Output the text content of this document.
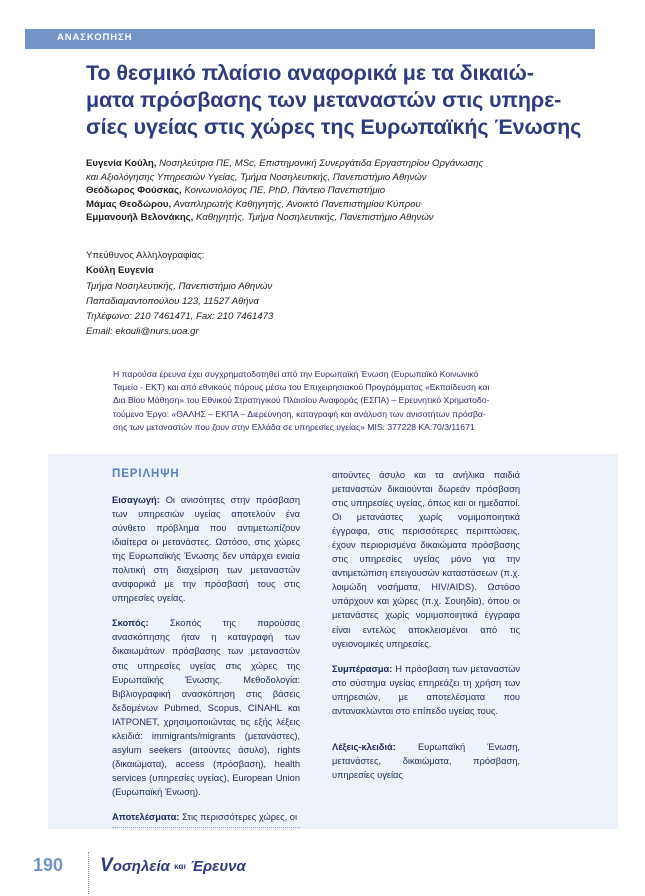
ΑΝΑΣΚΟΠΗΣΗ
Το θεσμικό πλαίσιο αναφορικά με τα δικαιώ-
ματα πρόσβασης των μεταναστών στις υπηρε-
σίες υγείας στις χώρες της Ευρωπαϊκής Ένωσης
Ευγενία Κούλη, Νοσηλεύτρια ΠΕ, MSc, Επιστημονική Συνεργάτιδα Εργαστηρίου Οργάνωσης
και Αξιολόγησης Υπηρεσιών Υγείας, Τμήμα Νοσηλευτικής, Πανεπιστήμιο Αθηνών
Θεόδωρος Φούσκας, Κοινωνιολόγος ΠΕ, PhD, Πάντειο Πανεπιστήμιο
Μάμας Θεοδώρου, Αναπληρωτής Καθηγητής, Ανοικτό Πανεπιστημίου Κύπρου
Εμμανουήλ Βελονάκης, Καθηγητής, Τμήμα Νοσηλευτικής, Πανεπιστήμιο Αθηνών
Υπεύθυνος Αλληλογραφίας:
Κούλη Ευγενία
Τμήμα Νοσηλευτικής, Πανεπιστήμιο Αθηνών
Παπαδιαμαντοπούλου 123, 11527 Αθήνα
Τηλέφωνο: 210 7461471, Fax: 210 7461473
Email: ekouli@nurs.uoa.gr
Η παρούσα έρευνα έχει συγχρηματοδοτηθεί από την Ευρωπαϊκή Ένωση (Ευρωπαϊκό Κοινωνικό
Ταμείο - ΕΚΤ) και από εθνικούς πόρους μέσω του Επιχειρησιακού Προγράμματος «Εκπαίδευση και
Δια Βίου Μάθηση» του Εθνικού Στρατηγικού Πλαισίου Αναφοράς (ΕΣΠΑ) – Ερευνητικό Χρηματοδο-
τούμενο Έργο: «ΘΑΛΗΣ – ΕΚΠΑ – Διερεύνηση, καταγραφή και ανάλυση των ανισοτήτων πρόσβα-
σης των μεταναστών που ζουν στην Ελλάδα σε υπηρεσίες υγείας» MIS: 377228 ΚΑ:70/3/11671
ΠΕΡΙΛΗΨΗ

Εισαγωγή: Οι ανισότητες στην πρόσβαση των υπηρεσιών υγείας αποτελούν ένα σύνθετο πρόβλημα που αντιμετωπίζουν ιδιαίτερα οι μετανάστες. Ωστόσο, στις χώρες της Ευρωπαϊκής Ένωσης δεν υπάρχει ενιαία πολιτική στη διαχείριση των μεταναστών αναφορικά με την πρόσβασή τους στις υπηρεσίες υγείας.

Σκοπός: Σκοπός της παρούσας ανασκόπησης ήταν η καταγραφή των δικαιωμάτων πρόσβασης των μεταναστών στις υπηρεσίες υγείας στις χώρες της Ευρωπαϊκής Ένωσης. Μεθοδολογία: Βιβλιογραφική ανασκόπηση στις βάσεις δεδομένων Pubmed, Scopus, CINAHL και IATPONET, χρησιμοποιώντας τις εξής λέξεις κλειδιά: immigrants/migrants (μετανάστες), asylum seekers (αιτούντες άσυλο), rights (δικαιώματα), access (πρόσβαση), health services (υπηρεσίες υγείας), European Union (Ευρωπαϊκή Ένωση).

Αποτελέσματα: Στις περισσότερες χώρες, οι

αιτούντες άσυλο και τα ανήλικα παιδιά μεταναστών δικαιούνται δωρεάν πρόσβαση στις υπηρεσίες υγείας, όπως και οι ημεδαποί. Οι μετανάστες χωρίς νομιμοποιητικά έγγραφα, στις περισσότερες περιπτώσεις, έχουν περιορισμένα δικαιώματα πρόσβασης στις υπηρεσίες υγείας μόνο για την αντιμετώπιση επειγουσών καταστάσεων (π.χ. λοιμώδη νοσήματα, HIV/AIDS). Ωστόσο υπάρχουν και χώρες (π.χ. Σουηδία), όπου οι μετανάστες χωρίς νομιμοποιητικά έγγραφα είναι εντελώς αποκλεισμένοι από τις υγειονομικές υπηρεσίες.

Συμπέρασμα: Η πρόσβαση των μεταναστών στο σύστημα υγείας επηρεάζει τη χρήση των υπηρεσιών, με αποτελέσματα που αντανακλώνται στο επίπεδο υγείας τους.

Λέξεις-κλειδιά: Ευρωπαϊκή Ένωση, μετανάστες, δικαιώματα, πρόσβαση, υπηρεσίες υγείας

190 Vοσηλεία και Έρευνα
